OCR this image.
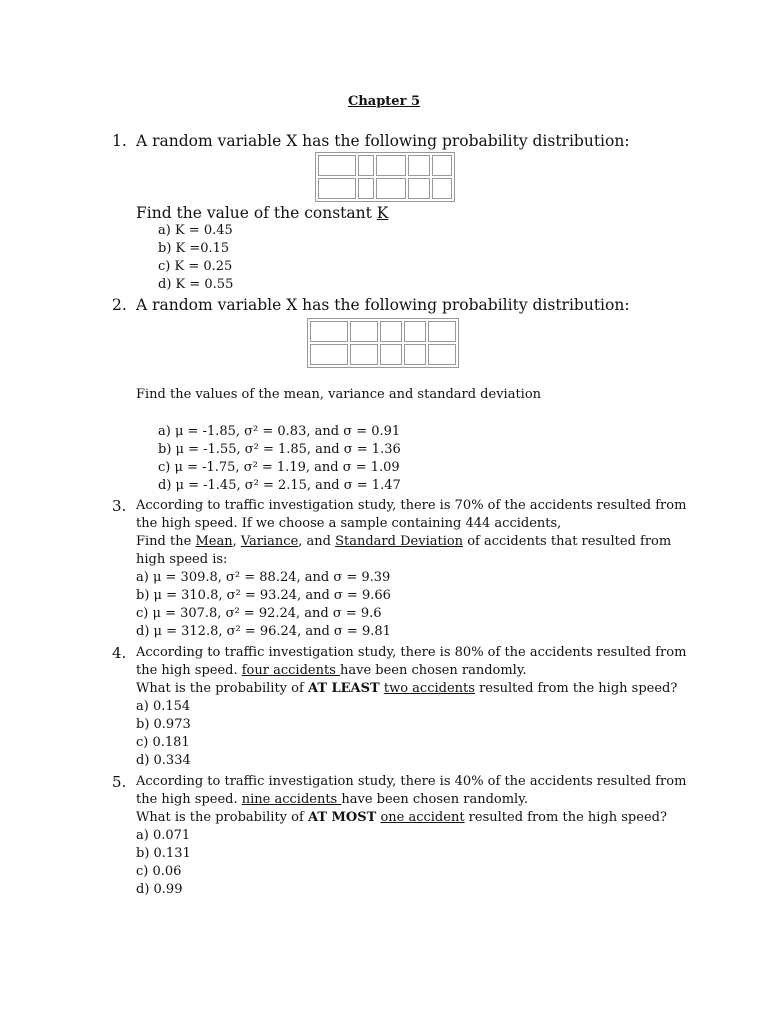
Chapter 5
1. A random variable X has the following probability distribution:

Find the value of the constant K
a) K = 0.45
b) K =0.15
c) K = 0.25
d) K = 0.55
2. A random variable X has the following probability distribution:

Find the values of the mean, variance and standard deviation
a) μ = -1.85, σ² = 0.83, and σ = 0.91
b) μ = -1.55, σ² = 1.85, and σ = 1.36
c) μ = -1.75, σ² = 1.19, and σ = 1.09
d) μ = -1.45, σ² = 2.15, and σ = 1.47
3. According to traffic investigation study, there is 70% of the accidents resulted from
the high speed. If we choose a sample containing 444 accidents,
Find the Mean, Variance, and Standard Deviation of accidents that resulted from
high speed is:
a) μ = 309.8, σ² = 88.24, and σ = 9.39
b) μ = 310.8, σ² = 93.24, and σ = 9.66
c) μ = 307.8, σ² = 92.24, and σ = 9.6
d) μ = 312.8, σ² = 96.24, and σ = 9.81
4. According to traffic investigation study, there is 80% of the accidents resulted from
the high speed. four accidents have been chosen randomly.
What is the probability of AT LEAST two accidents resulted from the high speed?
a) 0.154
b) 0.973
c) 0.181
d) 0.334
5. According to traffic investigation study, there is 40% of the accidents resulted from
the high speed. nine accidents have been chosen randomly.
What is the probability of AT MOST one accident resulted from the high speed?
a) 0.071
b) 0.131
c) 0.06
d) 0.99
